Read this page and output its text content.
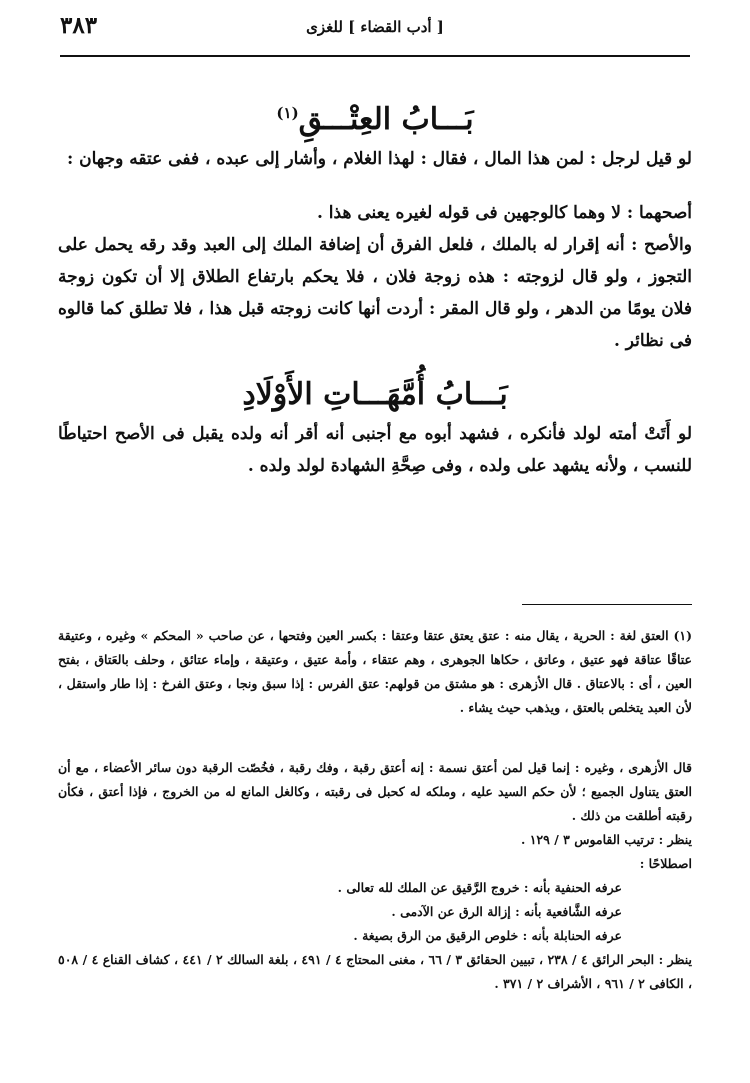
[ أدب القضاء ] للغزى
٣٨٣
بَـــابُ العِتْـــقِ$^{(١)}$

لو قيل لرجل : لمن هذا المال ، فقال : لهذا الغلام ، وأشار إلى عبده ، ففى عتقه وجهان :

أصحهما : لا وهما كالوجهين فى قوله لغيره يعنى هذا .

والأصح : أنه إقرار له بالملك ، فلعل الفرق أن إضافة الملك إلى العبد وقد رقه يحمل على التجوز ، ولو قال لزوجته : هذه زوجة فلان ، فلا يحكم بارتفاع الطلاق إلا أن تكون زوجة فلان يومًا من الدهر ، ولو قال المقر : أردت أنها كانت زوجته قبل هذا ، فلا تطلق كما قالوه فى نظائر .

بَـــابُ أُمَّهَـــاتِ الأَوْلَادِ

لو أَتَتْ أمته لولد فأنكره ، فشهد أبوه مع أجنبى أنه أقر أنه ولده يقبل فى الأصح احتياطًا للنسب ، ولأنه يشهد على ولده ، وفى صِحَّةِ الشهادة لولد ولده .

(١) العتق لغة : الحرية ، يقال منه : عتق يعتق عتقا وعتقا : بكسر العين وفتحها ، عن صاحب « المحكم » وغيره ، وعتيقة عتاقًا عتاقة فهو عتيق ، وعاتق ، حكاها الجوهرى ، وهم عتقاء ، وأمة عتيق ، وعتيقة ، وإماء عتائق ، وحلف بالعَتاق ، بفتح العين ، أى : بالاعتاق . قال الأزهرى : هو مشتق من قولهم: عتق الفرس : إذا سبق ونجا ، وعتق الفرخ : إذا طار واستقل ، لأن العبد يتخلص بالعتق ، ويذهب حيث يشاء .

قال الأزهرى ، وغيره : إنما قيل لمن أعتق نسمة : إنه أعتق رقبة ، وفك رقبة ، فخُصّت الرقبة دون سائر الأعضاء ، مع أن العتق يتناول الجميع ؛ لأن حكم السيد عليه ، وملكه له كحبل فى رقبته ، وكالغل المانع له من الخروج ، فإذا أعتق ، فكأن رقبته أطلقت من ذلك .

ينظر : ترتيب القاموس ٣ / ١٢٩ .

اصطلاحًا :

عرفه الحنفية بأنه : خروج الرَّقيق عن الملك لله تعالى .

عرفه الشَّافعية بأنه : إزالة الرق عن الآدمى .

عرفه الحنابلة بأنه : خلوص الرقيق من الرق بصيغة .

ينظر : البحر الرائق ٤ / ٢٣٨ ، تبيين الحقائق ٣ / ٦٦ ، مغنى المحتاج ٤ / ٤٩١ ، بلغة السالك ٢ / ٤٤١ ، كشاف القناع ٤ / ٥٠٨ ، الكافى ٢ / ٩٦١ ، الأشراف ٢ / ٣٧١ .
